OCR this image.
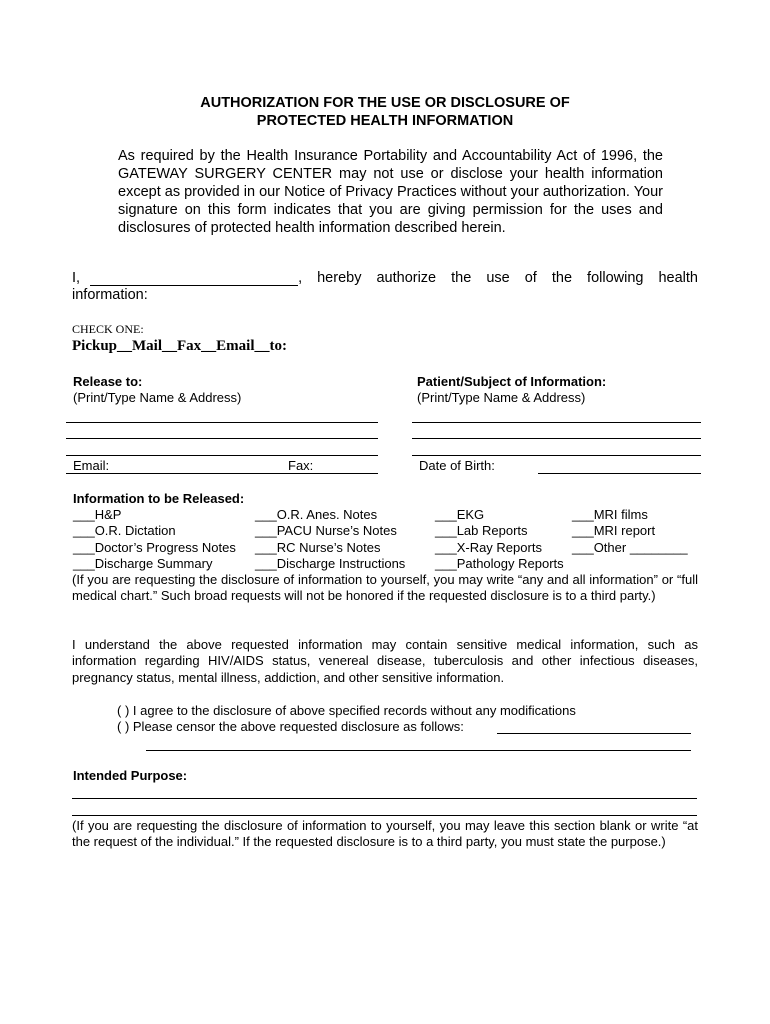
AUTHORIZATION FOR THE USE OR DISCLOSURE OF
PROTECTED HEALTH INFORMATION
As required by the Health Insurance Portability and Accountability Act of 1996, the GATEWAY SURGERY CENTER may not use or disclose your health information except as provided in our Notice of Privacy Practices without your authorization. Your signature on this form indicates that you are giving permission for the uses and disclosures of protected health information described herein.
I,	, hereby authorize the use of the following health
information:
CHECK ONE:
Pickup__Mail__Fax__Email__to:
Release to:
(Print/Type Name & Address)
Email:	Fax:
Patient/Subject of Information:
(Print/Type Name & Address)
Date of Birth:
Information to be Released:
___H&P
___O.R. Dictation
___Doctor’s Progress Notes
___Discharge Summary
___O.R. Anes. Notes
___PACU Nurse’s Notes
___RC Nurse’s Notes
___Discharge Instructions
___EKG
___Lab Reports
___X-Ray Reports
___Pathology Reports
___MRI films
___MRI report
___Other ________
(If you are requesting the disclosure of information to yourself, you may write “any and all information” or “full medical chart.” Such broad requests will not be honored if the requested disclosure is to a third party.)
I understand the above requested information may contain sensitive medical information, such as information regarding HIV/AIDS status, venereal disease, tuberculosis and other infectious diseases, pregnancy status, mental illness, addiction, and other sensitive information.
( ) I agree to the disclosure of above specified records without any modifications
( ) Please censor the above requested disclosure as follows:
Intended Purpose:
(If you are requesting the disclosure of information to yourself, you may leave this section blank or write “at the request of the individual.” If the requested disclosure is to a third party, you must state the purpose.)
